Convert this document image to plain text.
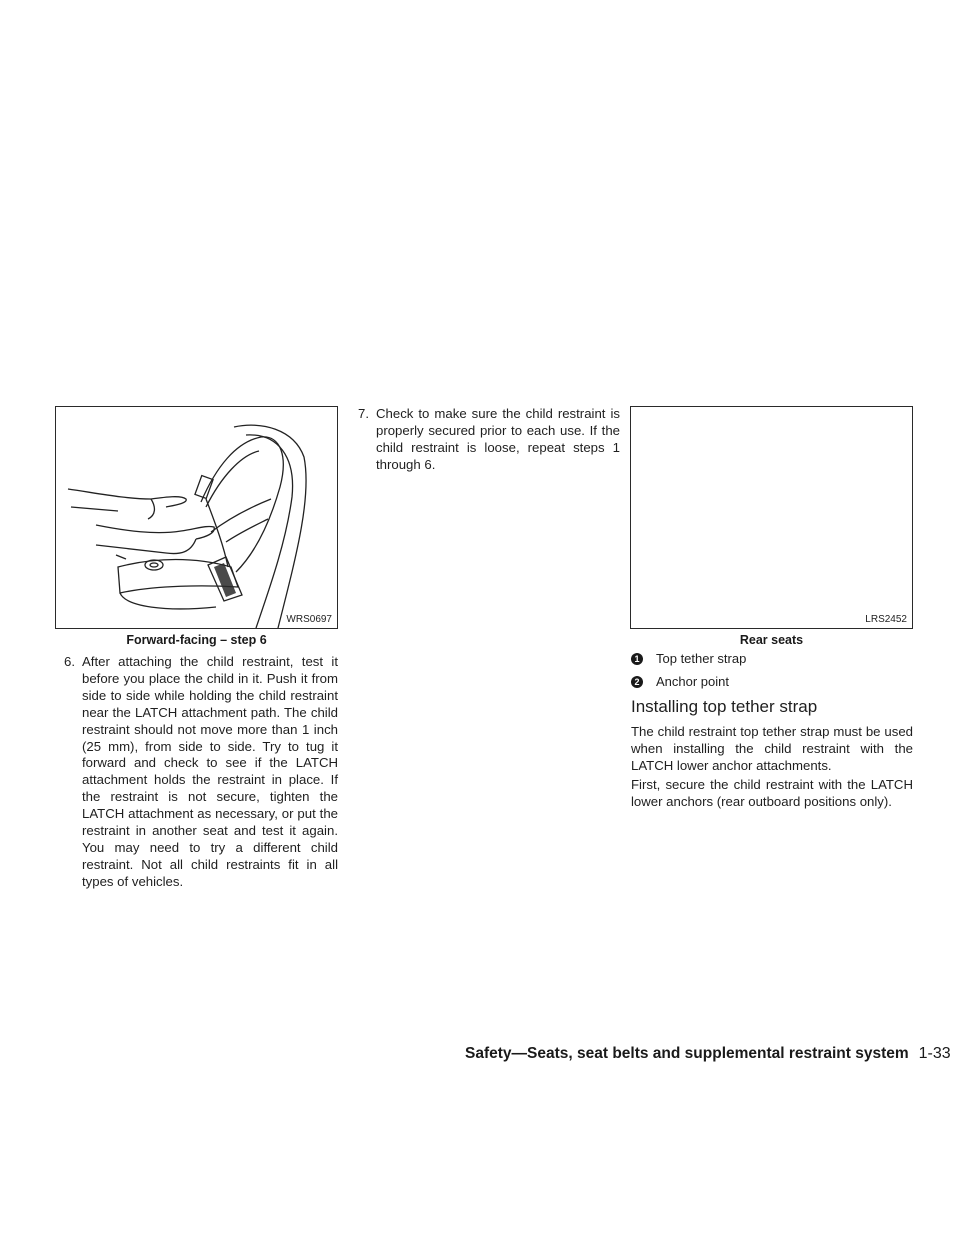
WRS0697
Forward-facing – step 6
6. After attaching the child restraint, test it before you place the child in it. Push it from side to side while holding the child restraint near the LATCH attachment path. The child restraint should not move more than 1 inch (25 mm), from side to side. Try to tug it forward and check to see if the LATCH attachment holds the restraint in place. If the restraint is not secure, tighten the LATCH attachment as necessary, or put the restraint in another seat and test it again. You may need to try a different child restraint. Not all child restraints fit in all types of vehicles.
7. Check to make sure the child restraint is properly secured prior to each use. If the child restraint is loose, repeat steps 1 through 6.
LRS2452
Rear seats
1 Top tether strap
2 Anchor point
Installing top tether strap
The child restraint top tether strap must be used when installing the child restraint with the LATCH lower anchor attachments.
First, secure the child restraint with the LATCH lower anchors (rear outboard positions only).
Safety—Seats, seat belts and supplemental restraint system 1-33
